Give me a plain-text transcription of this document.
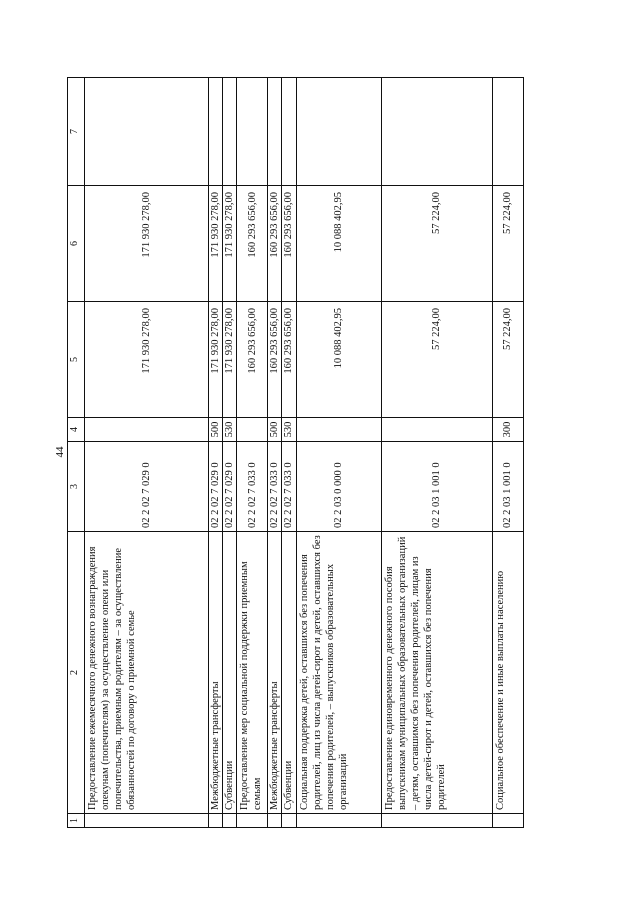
44
1	2	3	4	5	6	7
	Предоставление ежемесячного денежного вознаграждения опекунам (попечителям) за осуществление опеки или попечительства, приемным родителям – за осуществление обязанностей по договору о приемной семье	02 2 02 7 029 0		171 930 278,00	171 930 278,00	
	Межбюджетные трансферты	02 2 02 7 029 0	500	171 930 278,00	171 930 278,00	
	Субвенции	02 2 02 7 029 0	530	171 930 278,00	171 930 278,00	
	Предоставление мер социальной поддержки приемным семьям	02 2 02 7 033 0		160 293 656,00	160 293 656,00	
	Межбюджетные трансферты	02 2 02 7 033 0	500	160 293 656,00	160 293 656,00	
	Субвенции	02 2 02 7 033 0	530	160 293 656,00	160 293 656,00	
	Социальная поддержка детей, оставшихся без попечения родителей, лиц из числа детей-сирот и детей, оставшихся без попечения родителей, – выпускников образовательных организаций	02 2 03 0 000 0		10 088 402,95	10 088 402,95	
	Предоставление единовременного денежного пособия выпускникам муниципальных образовательных организаций – детям, оставшимся без попечения родителей, лицам из числа детей-сирот и детей, оставшихся без попечения родителей	02 2 03 1 001 0		57 224,00	57 224,00	
	Социальное обеспечение и иные выплаты населению	02 2 03 1 001 0	300	57 224,00	57 224,00	
